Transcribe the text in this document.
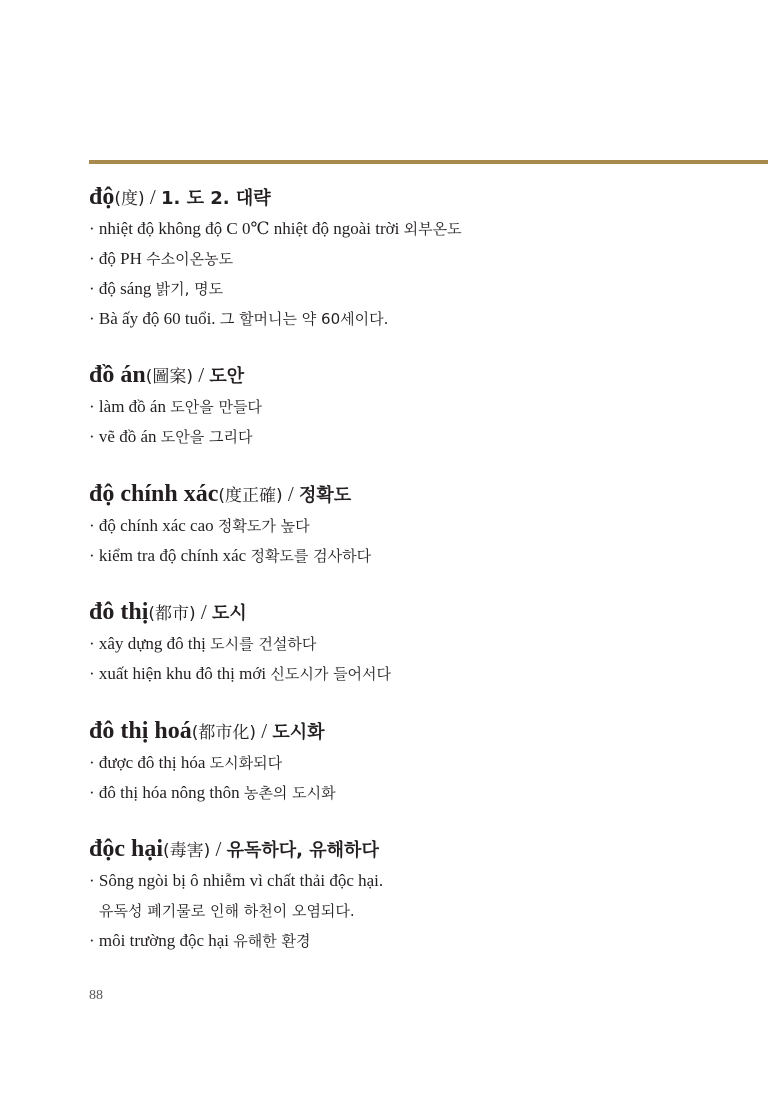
độ(度) / 1. 도 2. 대략
· nhiệt độ không độ C 0℃ nhiệt độ ngoài trời 외부온도
· độ PH 수소이온농도
· độ sáng 밝기, 명도
· Bà ấy độ 60 tuổi. 그 할머니는 약 60세이다.
đồ án(圖案) / 도안
· làm đồ án 도안을 만들다
· vẽ đồ án 도안을 그리다
độ chính xác(度正確) / 정확도
· độ chính xác cao 정확도가 높다
· kiểm tra độ chính xác 정확도를 검사하다
đô thị(都市) / 도시
· xây dựng đô thị 도시를 건설하다
· xuất hiện khu đô thị mới 신도시가 들어서다
đô thị hoá(都市化) / 도시화
· được đô thị hóa 도시화되다
· đô thị hóa nông thôn 농촌의 도시화
độc hại(毒害) / 유독하다, 유해하다
· Sông ngòi bị ô nhiễm vì chất thải độc hại.
유독성 폐기물로 인해 하천이 오염되다.
· môi trường độc hại 유해한 환경
88
